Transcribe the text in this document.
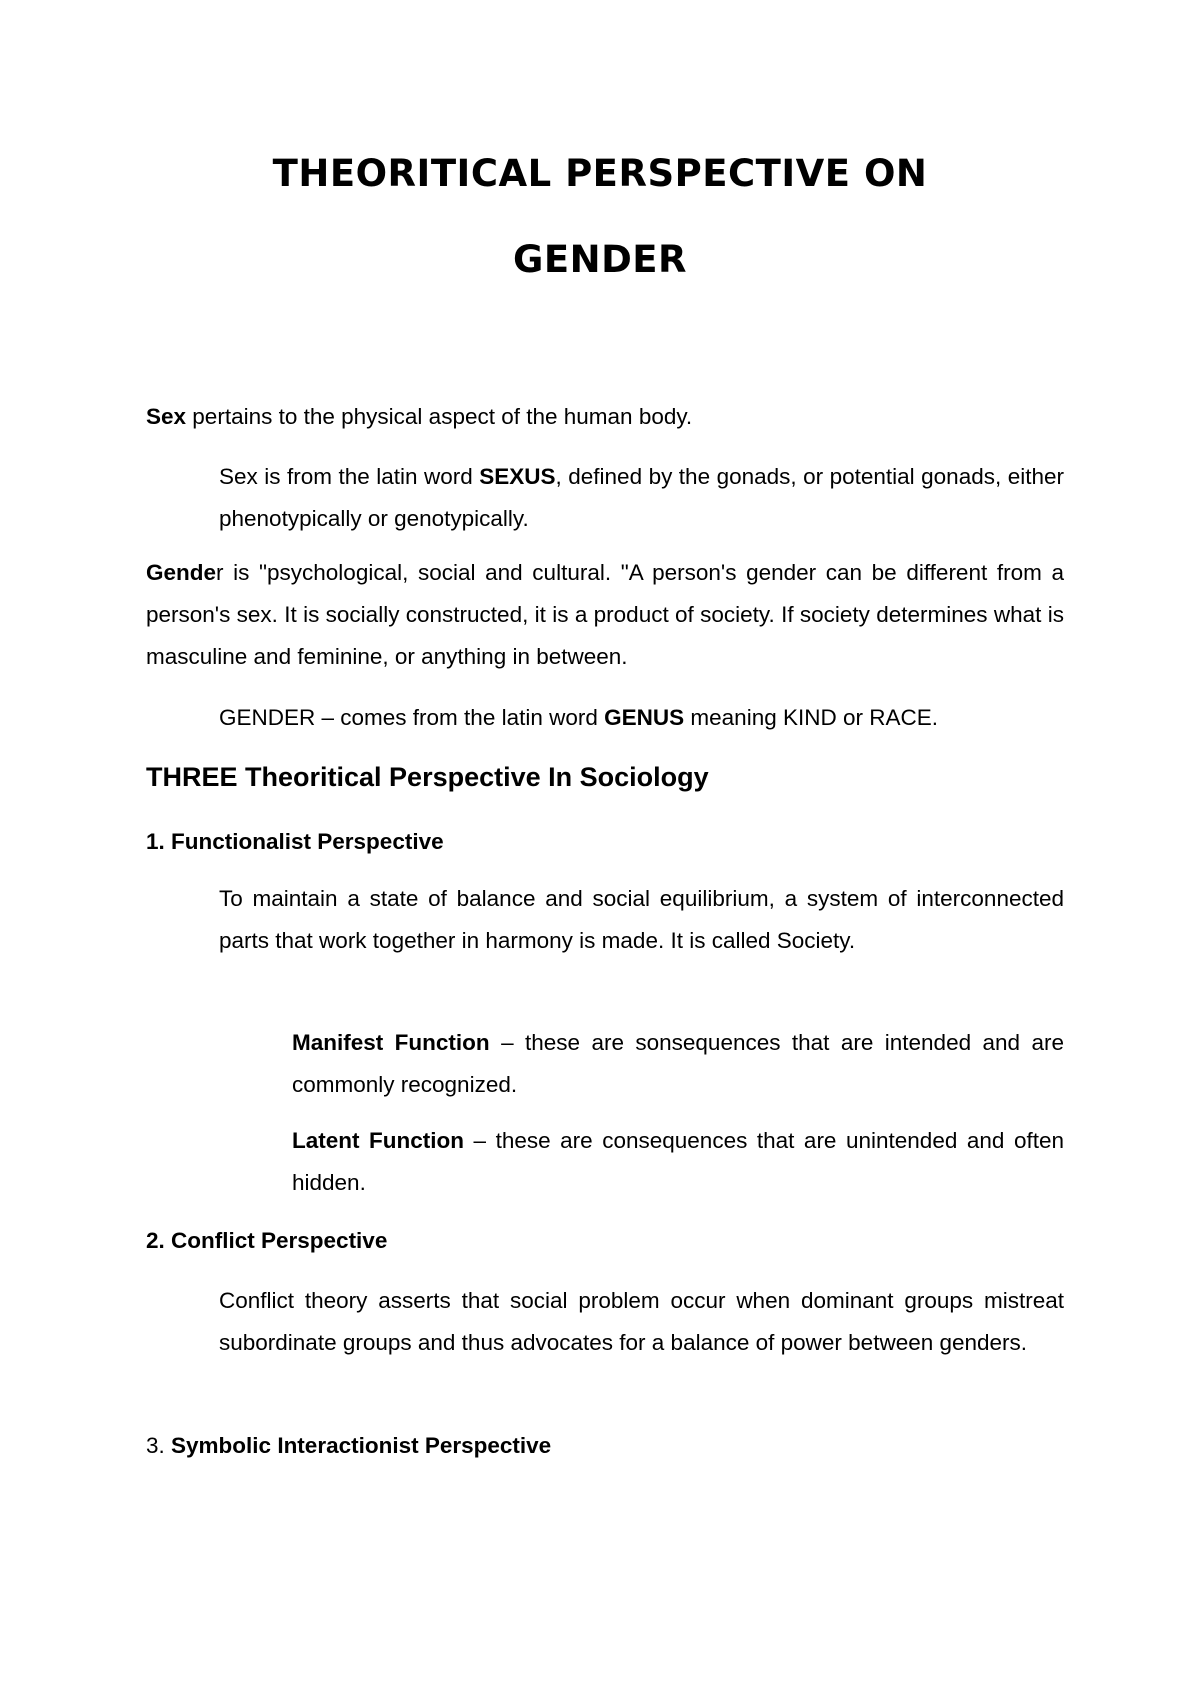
THEORITICAL PERSPECTIVE ON
GENDER

Sex pertains to the physical aspect of the human body.

Sex is from the latin word SEXUS, defined by the gonads, or potential gonads, either phenotypically or genotypically.

Gender is "psychological, social and cultural. "A person's gender can be different from a person's sex. It is socially constructed, it is a product of society. If society determines what is masculine and feminine, or anything in between.

GENDER – comes from the latin word GENUS meaning KIND or RACE.

THREE Theoritical Perspective In Sociology
1. Functionalist Perspective

To maintain a state of balance and social equilibrium, a system of interconnected parts that work together in harmony is made. It is called Society.

Manifest Function – these are sonsequences that are intended and are commonly recognized.

Latent Function – these are consequences that are unintended and often hidden.

2. Conflict Perspective

Conflict theory asserts that social problem occur when dominant groups mistreat subordinate groups and thus advocates for a balance of power between genders.

3. Symbolic Interactionist Perspective
